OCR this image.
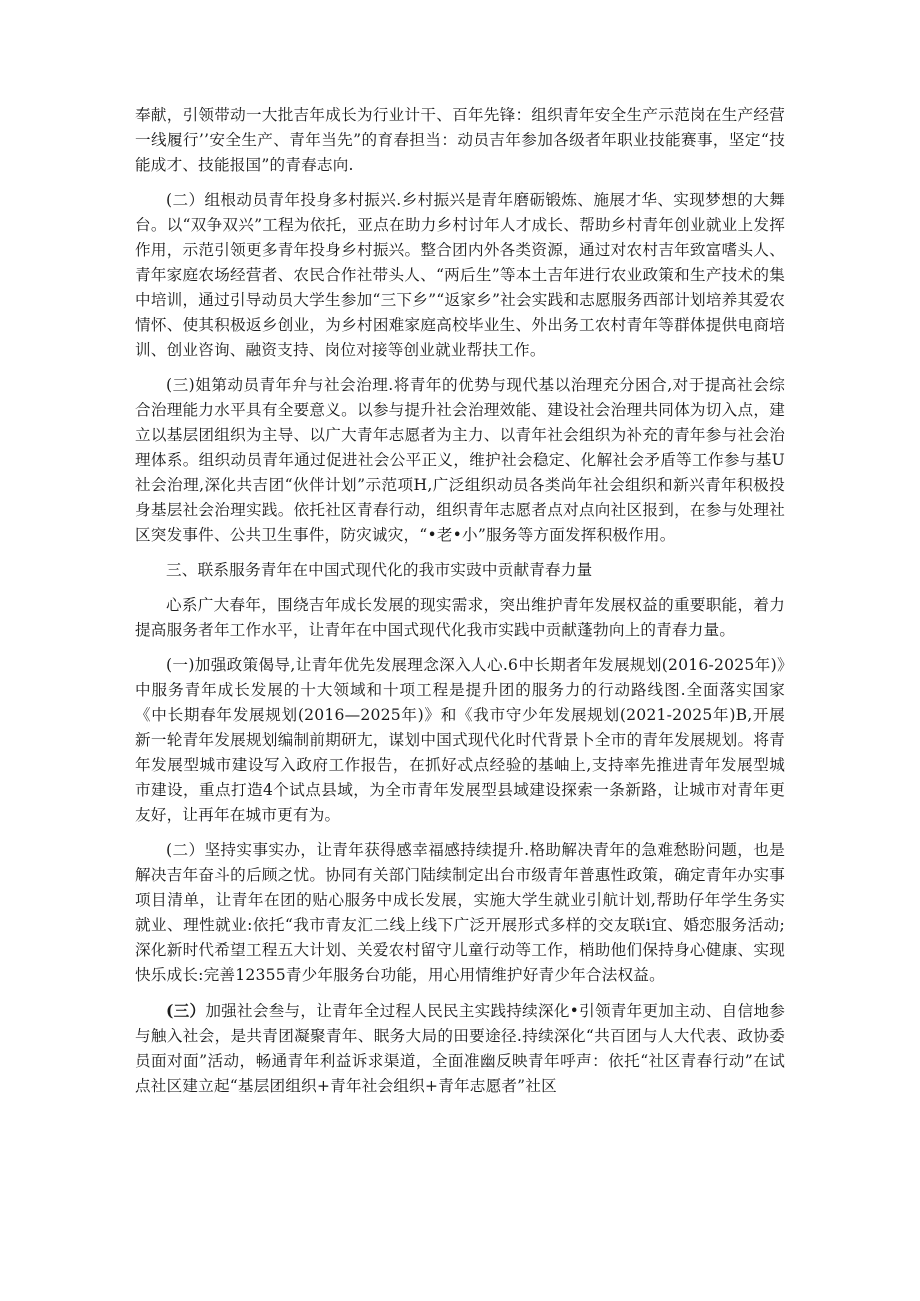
奉献，引领带动一大批吉年成长为行业计干、百年先锋：组织青年安全生产示范岗在生产经营一线履行’’安全生产、青年当先”的育春担当：动员吉年参加各级者年职业技能赛事，坚定“技能成才、技能报国”的青春志向.

(二）组根动员青年投身多村振兴.乡村振兴是青年磨砺锻炼、施展才华、实现梦想的大舞台。以“双争双兴”工程为依托，亚点在助力乡村讨年人才成长、帮助乡村青年创业就业上发挥作用，示范引领更多青年投身乡村振兴。整合团内外各类资源，通过对农村吉年致富嗜头人、青年家庭农场经营者、农民合作社带头人、“两后生”等本土吉年进行农业政策和生产技术的集中培训，通过引导动员大学生参加“三下乡”“返家乡”社会实践和志愿服务西部计划培养其爱农情怀、使其积极返乡创业，为乡村困难家庭高校毕业生、外出务工农村青年等群体提供电商培训、创业咨询、融资支持、岗位对接等创业就业帮扶工作。

(三)姐第动员青年弁与社会治理.将青年的优势与现代基以治理充分困合,对于提高社会综合治理能力水平具有全要意义。以参与提升社会治理效能、建设社会治理共同体为切入点，建立以基层团组织为主导、以广大青年志愿者为主力、以青年社会组织为补充的青年参与社会治理体系。组织动员青年通过促进社会公平正义，维护社会稳定、化解社会矛盾等工作参与基U社会治理,深化共吉团“伙伴计划”示范项H,广泛组织动员各类尚年社会组织和新兴青年积极投身基层社会治理实践。依托社区青春行动，组织青年志愿者点对点向社区报到，在参与处理社区突发事件、公共卫生事件，防灾诚灾，“•老•小”服务等方面发挥积极作用。

三、联系服务青年在中国式现代化的我市实豉中贡献青春力量

心系广大春年，围绕吉年成长发展的现实需求，突出维护青年发展权益的重要职能，着力提高服务者年工作水平，让青年在中国式现代化我市实践中贡献蓬勃向上的青春力量。

(一)加强政策偈导,让青年优先发展理念深入人心.6中长期者年发展规划(2016-2025年)》中服务青年成长发展的十大领域和十项工程是提升团的服务力的行动路线图.全面落实国家《中长期春年发展规划(2016—2025年)》和《我市守少年发展规划(2021-2025年)B,开展新一轮青年发展规划编制前期研尢，谋划中国式现代化时代背景卜全市的青年发展规划。将青年发展型城市建设写入政府工作报告，在抓好忒点经验的基岫上,支持率先推进青年发展型城市建设，重点打造4个试点县域，为全市青年发展型县域建设探索一条新路，让城市对青年更友好，让再年在城市更有为。

(二）坚持实事实办，让青年获得感幸福感持续提升.格助解决青年的急难愁盼问题，也是解决吉年奋斗的后顾之忧。协同有关部门陆续制定出台市级青年普惠性政策，确定青年办实事项目清单，让青年在团的贴心服务中成长发展，实施大学生就业引航计划,帮助仔年学生务实就业、理性就业:依托“我市青友汇二线上线下广泛开展形式多样的交友联i宜、婚恋服务活动;深化新时代希望工程五大计划、关爱农村留守儿童行动等工作，梢助他们保持身心健康、实现快乐成长:完善12355青少年服务台功能，用心用情维护好青少年合法权益。

(三）加强社会叁与，让青年全过程人民民主实践持续深化•引领青年更加主动、自信地参与触入社会，是共青团凝聚青年、眠务大局的田要途径.持续深化“共百团与人大代表、政协委员面对面”活动，畅通青年利益诉求渠道，全面准幽反映青年呼声：依托“社区青春行动”在试点社区建立起“基层团组织+青年社会组织+青年志愿者”社区
